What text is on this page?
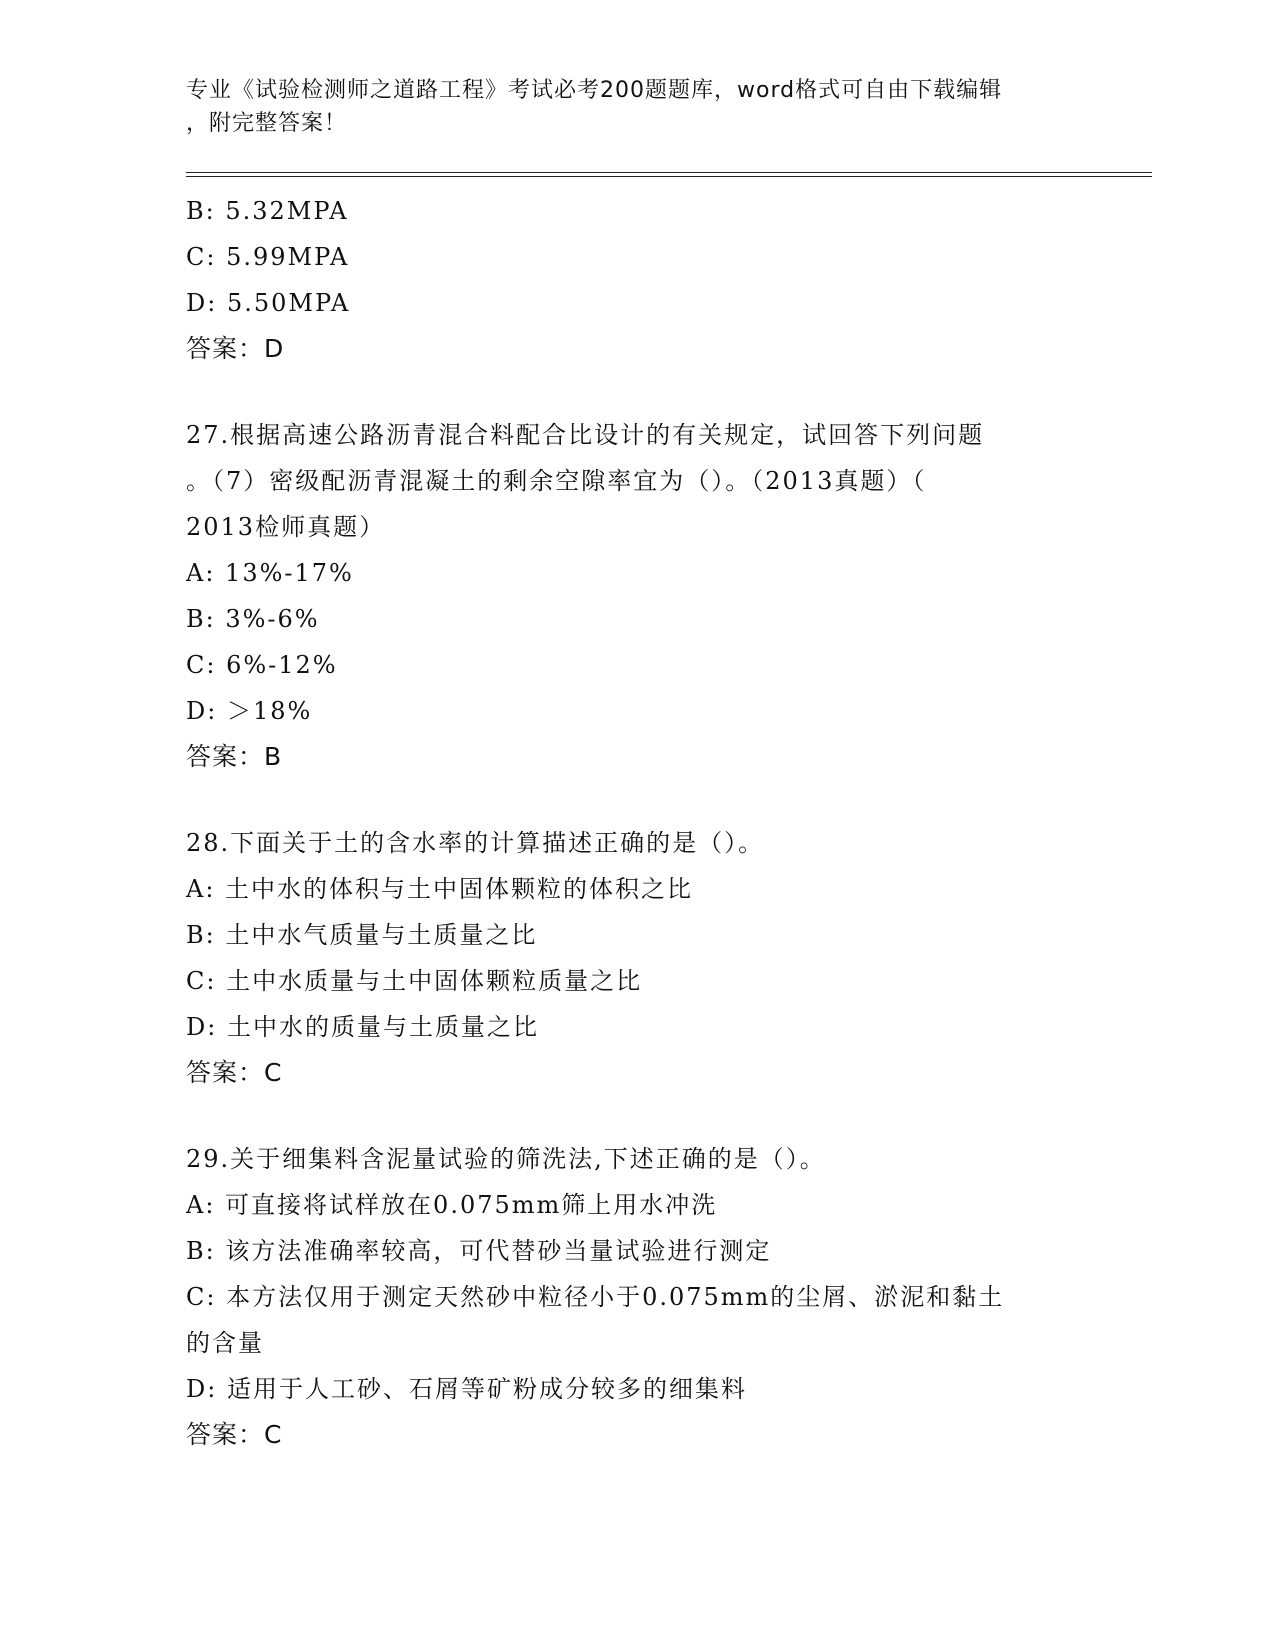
专业《试验检测师之道路工程》考试必考200题题库，word格式可自由下载编辑
，附完整答案！
B: 5.32MPA
C: 5.99MPA
D: 5.50MPA
答案：D
27.根据高速公路沥青混合料配合比设计的有关规定，试回答下列问题
。（7）密级配沥青混凝土的剩余空隙率宜为（）。（2013真题）（
2013检师真题）
A: 13%-17%
B: 3%-6%
C: 6%-12%
D: ＞18%
答案：B
28.下面关于土的含水率的计算描述正确的是（）。
A: 土中水的体积与土中固体颗粒的体积之比
B: 土中水气质量与土质量之比
C: 土中水质量与土中固体颗粒质量之比
D: 土中水的质量与土质量之比
答案：C
29.关于细集料含泥量试验的筛洗法,下述正确的是（）。
A: 可直接将试样放在0.075mm筛上用水冲洗
B: 该方法准确率较高，可代替砂当量试验进行测定
C: 本方法仅用于测定天然砂中粒径小于0.075mm的尘屑、淤泥和黏土
的含量
D: 适用于人工砂、石屑等矿粉成分较多的细集料
答案：C
